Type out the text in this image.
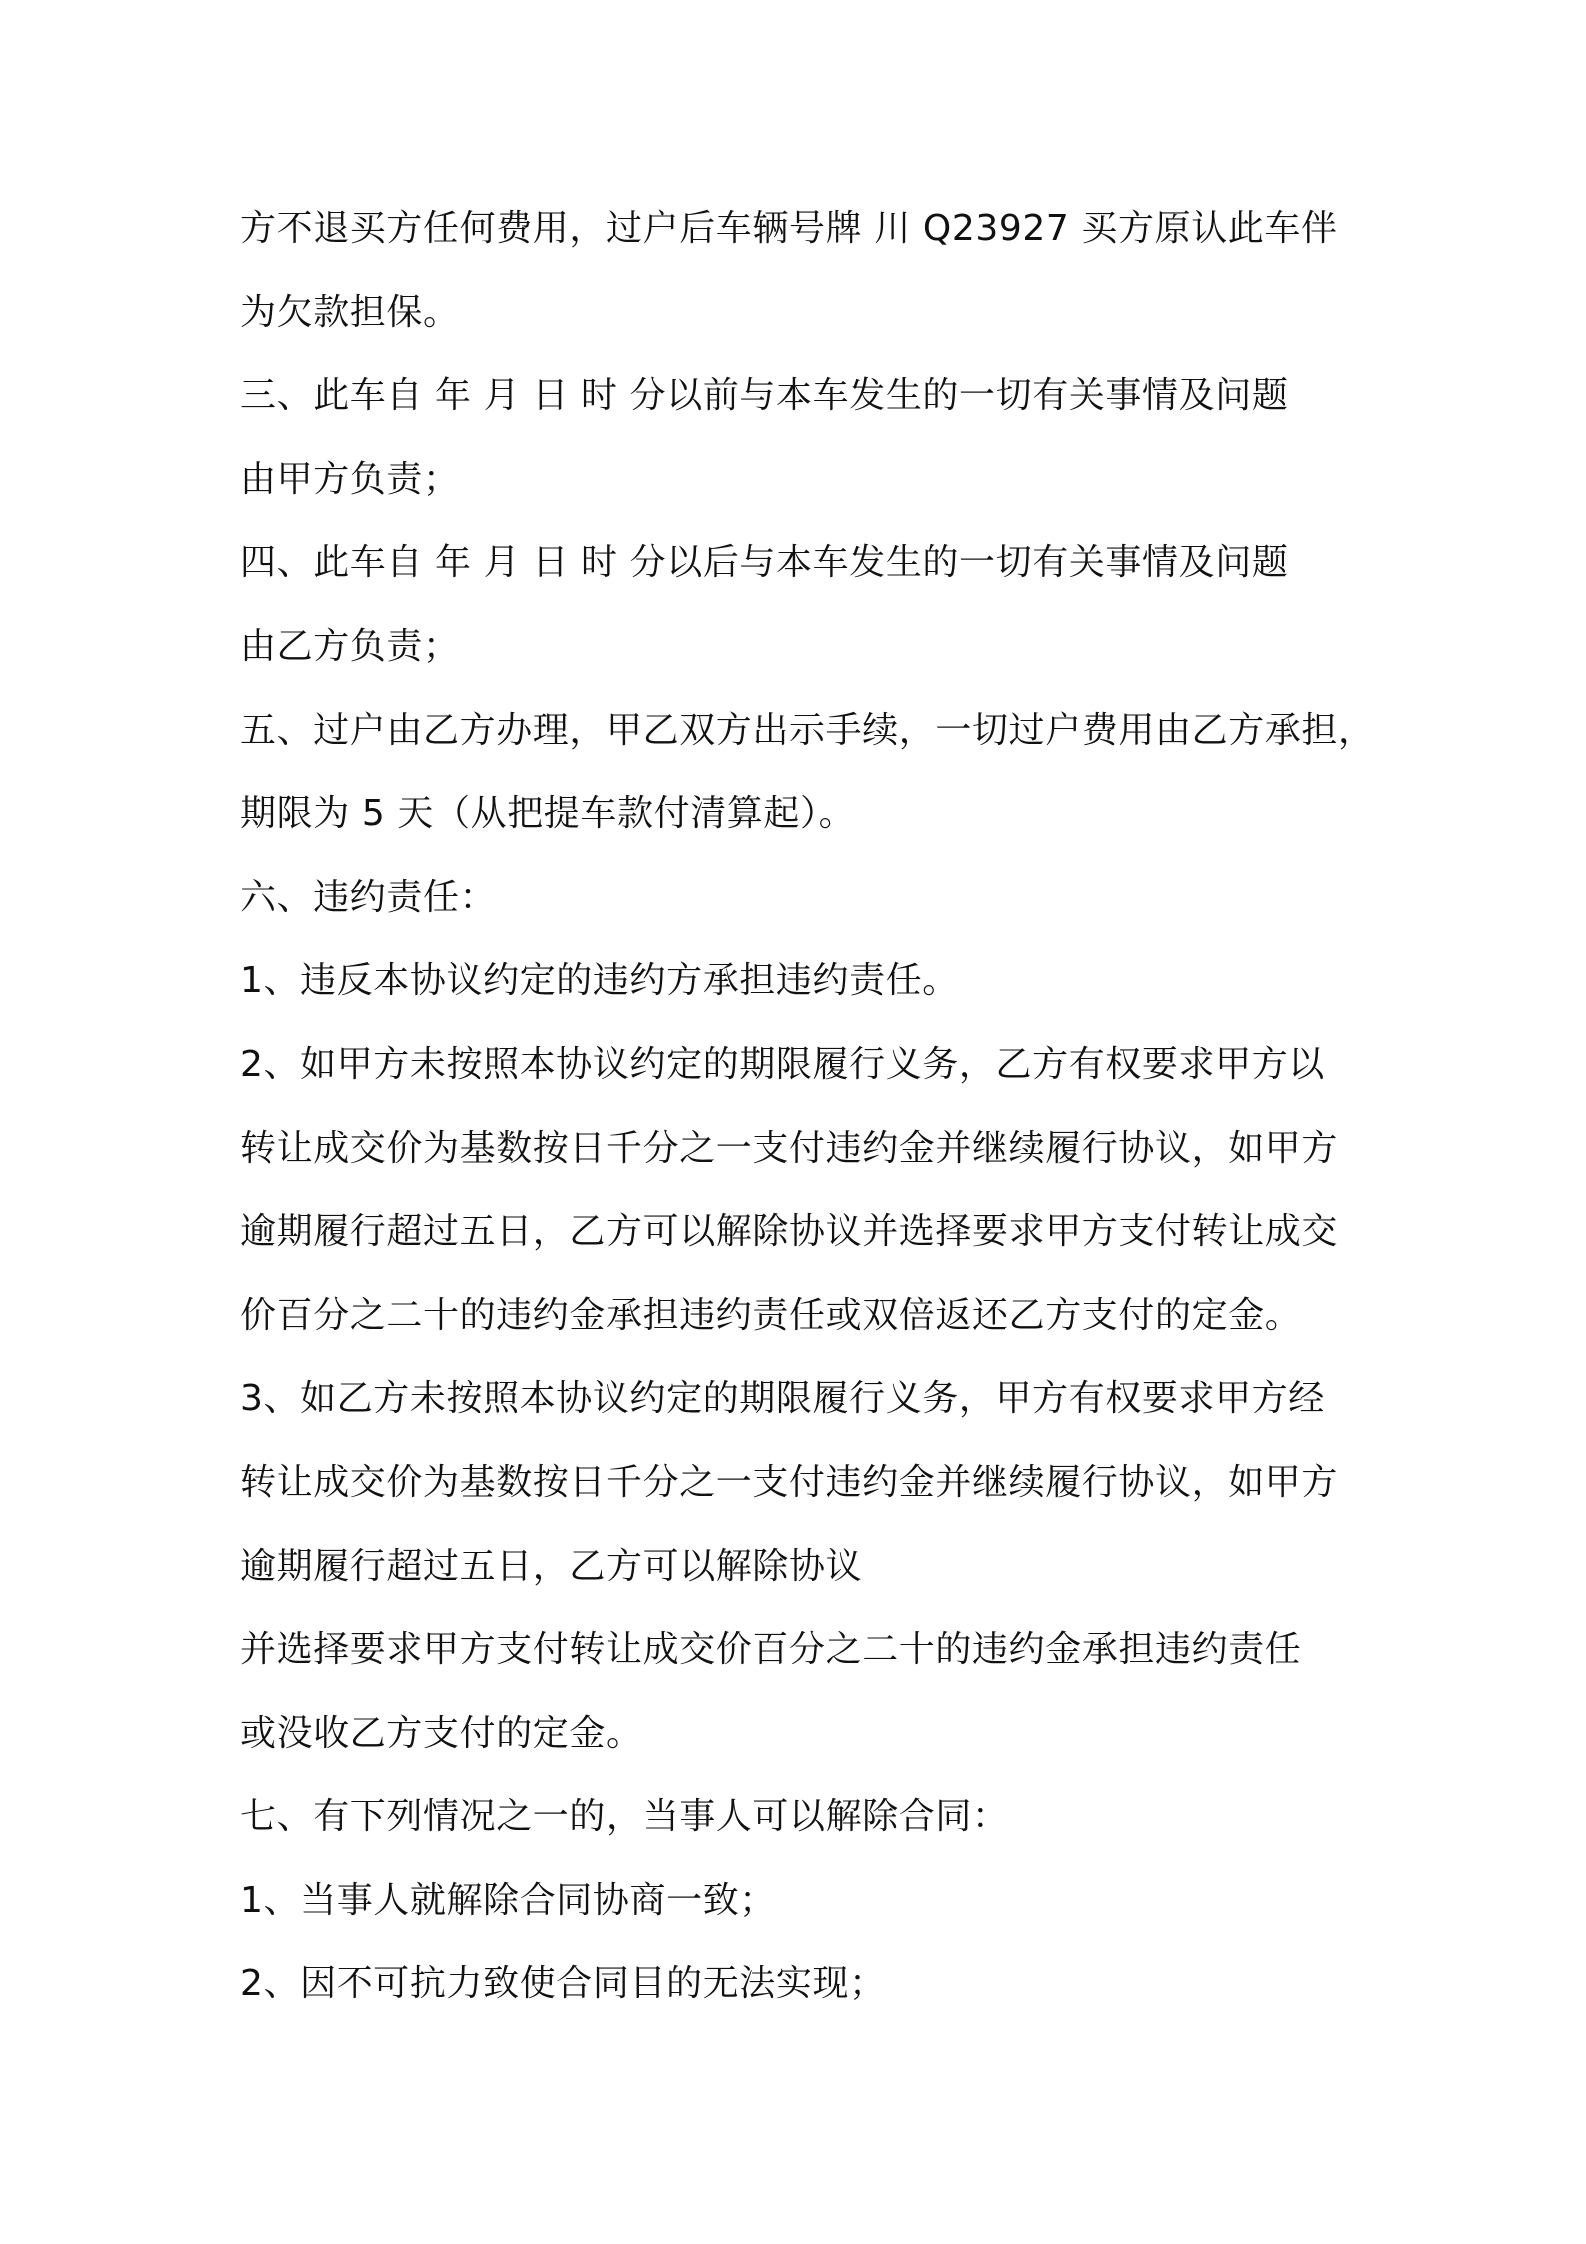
方不退买方任何费用，过户后车辆号牌 川 Q23927 买方原认此车伴
为欠款担保。
三、此车自 年 月 日 时 分以前与本车发生的一切有关事情及问题
由甲方负责；
四、此车自 年 月 日 时 分以后与本车发生的一切有关事情及问题
由乙方负责；
五、过户由乙方办理，甲乙双方出示手续，一切过户费用由乙方承担，
期限为 5 天（从把提车款付清算起）。
六、违约责任：
1、违反本协议约定的违约方承担违约责任。
2、如甲方未按照本协议约定的期限履行义务，乙方有权要求甲方以
转让成交价为基数按日千分之一支付违约金并继续履行协议，如甲方
逾期履行超过五日，乙方可以解除协议并选择要求甲方支付转让成交
价百分之二十的违约金承担违约责任或双倍返还乙方支付的定金。
3、如乙方未按照本协议约定的期限履行义务，甲方有权要求甲方经
转让成交价为基数按日千分之一支付违约金并继续履行协议，如甲方
逾期履行超过五日，乙方可以解除协议
并选择要求甲方支付转让成交价百分之二十的违约金承担违约责任
或没收乙方支付的定金。
七、有下列情况之一的，当事人可以解除合同：
1、当事人就解除合同协商一致；
2、因不可抗力致使合同目的无法实现；
